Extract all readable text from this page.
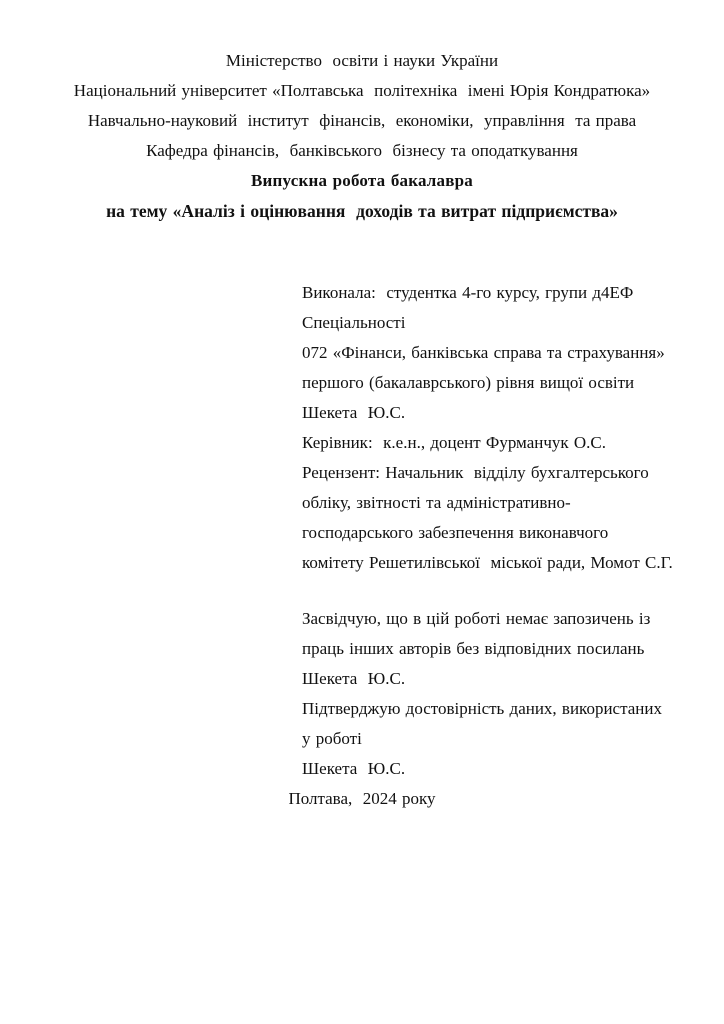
Міністерство  освіти і науки України

Національний університет «Полтавська  політехніка  імені Юрія Кондратюка»

Навчально-науковий  інститут  фінансів,  економіки,  управління  та права

Кафедра фінансів,  банківського  бізнесу та оподаткування

Випускна робота бакалавра

на тему «Аналіз і оцінювання  доходів та витрат підприємства»

Виконала:  студентка 4-го курсу, групи д4ЕФ

Спеціальності

072 «Фінанси, банківська справа та страхування»

першого (бакалаврського) рівня вищої освіти

Шекета  Ю.С.

Керівник:  к.е.н., доцент Фурманчук О.С.

Рецензент: Начальник  відділу бухгалтерського

обліку, звітності та адміністративно-

господарського забезпечення виконавчого

комітету Решетилівської  міської ради, Момот С.Г.

Засвідчую, що в цій роботі немає запозичень із

праць інших авторів без відповідних посилань

Шекета  Ю.С.

Підтверджую достовірність даних, використаних

у роботі

Шекета  Ю.С.

Полтава,  2024 року
